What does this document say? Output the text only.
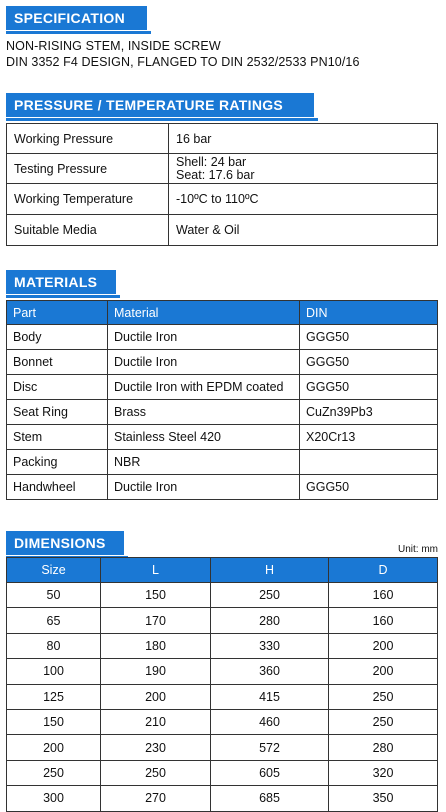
SPECIFICATION
NON-RISING STEM, INSIDE SCREW
DIN 3352 F4 DESIGN, FLANGED TO DIN 2532/2533 PN10/16
PRESSURE / TEMPERATURE RATINGS
Working Pressure	16 bar
Testing Pressure	Shell: 24 bar
Seat: 17.6 bar

Working Temperature	-10ºC to 110ºC
Suitable Media	Water & Oil
MATERIALS
Part	Material	DIN
Body	Ductile Iron	GGG50
Bonnet	Ductile Iron	GGG50
Disc	Ductile Iron with EPDM coated	GGG50
Seat Ring	Brass	CuZn39Pb3
Stem	Stainless Steel 420	X20Cr13
Packing	NBR	
Handwheel	Ductile Iron	GGG50
DIMENSIONS	Unit: mm
Size	L	H	D
50	150	250	160
65	170	280	160
80	180	330	200
100	190	360	200
125	200	415	250
150	210	460	250
200	230	572	280
250	250	605	320
300	270	685	350
